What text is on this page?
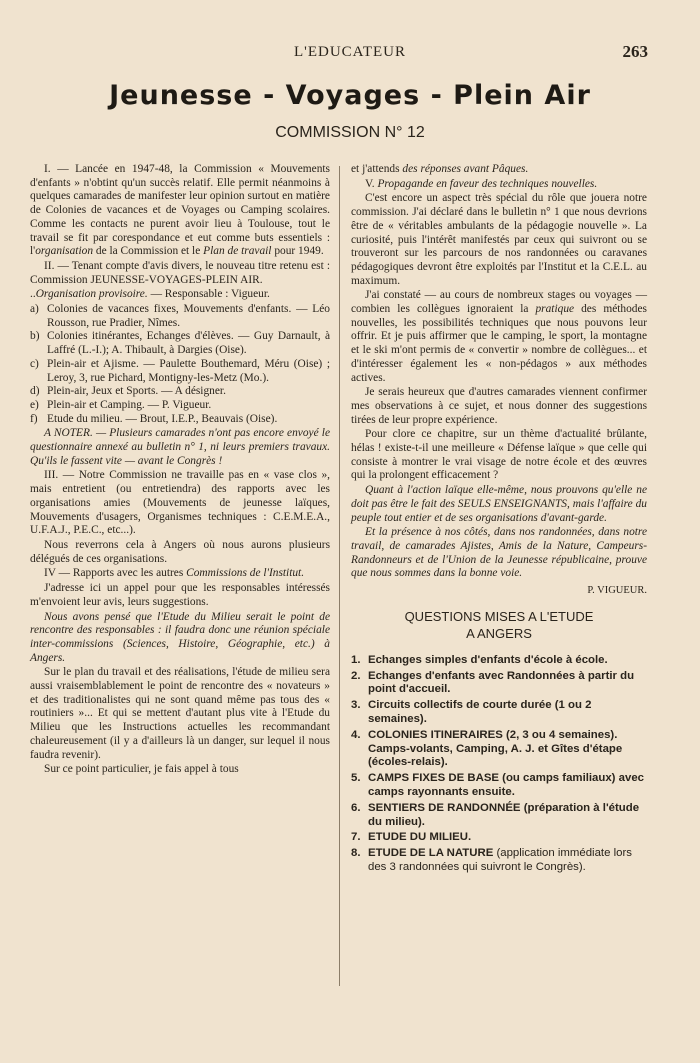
L'EDUCATEUR	263
Jeunesse - Voyages - Plein Air
COMMISSION N° 12

I. — Lancée en 1947-48, la Commission « Mouvements d'enfants » n'obtint qu'un succès relatif. Elle permit néanmoins à quelques camarades de manifester leur opinion surtout en matière de Colonies de vacances et de Voyages ou Camping scolaires. Comme les contacts ne purent avoir lieu à Toulouse, tout le travail se fit par corespondance et eut comme buts essentiels : l'organisation de la Commission et le Plan de travail pour 1949.

II. — Tenant compte d'avis divers, le nouveau titre retenu est : Commission JEUNESSE-VOYAGES-PLEIN AIR.

..Organisation provisoire. — Responsable : Vigueur.

a) Colonies de vacances fixes, Mouvements d'enfants. — Léo Rousson, rue Pradier, Nîmes.
b) Colonies itinérantes, Echanges d'élèves. — Guy Darnault, à Laffré (L.-I.); A. Thibault, à Dargies (Oise).
c) Plein-air et Ajisme. — Paulette Bouthemard, Méru (Oise) ; Leroy, 3, rue Pichard, Montigny-les-Metz (Mo.).
d) Plein-air, Jeux et Sports. — A désigner.
e) Plein-air et Camping. — P. Vigueur.
f) Etude du milieu. — Brout, I.E.P., Beauvais (Oise).

A NOTER. — Plusieurs camarades n'ont pas encore envoyé le questionnaire annexé au bulletin n° 1, ni leurs premiers travaux. Qu'ils le fassent vite — avant le Congrès !

III. — Notre Commission ne travaille pas en « vase clos », mais entretient (ou entretiendra) des rapports avec les organisations amies (Mouvements de jeunesse laïques, Mouvements d'usagers, Organismes techniques : C.E.M.E.A., U.F.A.J., P.E.C., etc...).

Nous reverrons cela à Angers où nous aurons plusieurs délégués de ces organisations.

IV — Rapports avec les autres Commissions de l'Institut.

J'adresse ici un appel pour que les responsables intéressés m'envoient leur avis, leurs suggestions.

Nous avons pensé que l'Etude du Milieu serait le point de rencontre des responsables : il faudra donc une réunion spéciale inter-commissions (Sciences, Histoire, Géographie, etc.) à Angers.

Sur le plan du travail et des réalisations, l'étude de milieu sera aussi vraisemblablement le point de rencontre des « novateurs » et des traditionalistes qui ne sont quand même pas tous des « routiniers »... Et qui se mettent d'autant plus vite à l'Etude du Milieu que les Instructions actuelles les recommandant chaleureusement (il y a d'ailleurs là un danger, sur lequel il nous faudra revenir).

Sur ce point particulier, je fais appel à tous

et j'attends des réponses avant Pâques.

V. Propagande en faveur des techniques nouvelles.

C'est encore un aspect très spécial du rôle que jouera notre commission. J'ai déclaré dans le bulletin n° 1 que nous devrions être de « véritables ambulants de la pédagogie nouvelle ». La curiosité, puis l'intérêt manifestés par ceux qui suivront ou se trouveront sur les parcours de nos randonnées ou caravanes pédagogiques devront être exploités par l'Institut et la C.E.L. au maximum.

J'ai constaté — au cours de nombreux stages ou voyages — combien les collègues ignoraient la pratique des méthodes nouvelles, les possibilités techniques que nous pouvons leur offrir. Et je puis affirmer que le camping, le sport, la montagne et le ski m'ont permis de « convertir » nombre de collègues... et d'intéresser également les « non-pédagos » aux méthodes actives.

Je serais heureux que d'autres camarades viennent confirmer mes observations à ce sujet, et nous donner des suggestions tirées de leur propre expérience.

Pour clore ce chapitre, sur un thème d'actualité brûlante, hélas ! existe-t-il une meilleure « Défense laïque » que celle qui consiste à montrer le vrai visage de notre école et des œuvres qui la prolongent efficacement ?

Quant à l'action laïque elle-même, nous prouvons qu'elle ne doit pas être le fait des SEULS ENSEIGNANTS, mais l'affaire du peuple tout entier et de ses organisations d'avant-garde.

Et la présence à nos côtés, dans nos randonnées, dans notre travail, de camarades Ajistes, Amis de la Nature, Campeurs-Randonneurs et de l'Union de la Jeunesse républicaine, prouve que nous sommes dans la bonne voie.

P. VIGUEUR.

QUESTIONS MISES A L'ETUDE
A ANGERS
1. Echanges simples d'enfants d'école à école.
2. Echanges d'enfants avec Randonnées à partir du point d'accueil.
3. Circuits collectifs de courte durée (1 ou 2 semaines).
4. COLONIES ITINERAIRES (2, 3 ou 4 semaines). Camps-volants, Camping, A. J. et Gîtes d'étape (écoles-relais).
5. CAMPS FIXES DE BASE (ou camps familiaux) avec camps rayonnants ensuite.
6. SENTIERS DE RANDONNÉE (préparation à l'étude du milieu).
7. ETUDE DU MILIEU.
8. ETUDE DE LA NATURE (application immédiate lors des 3 randonnées qui suivront le Congrès).
